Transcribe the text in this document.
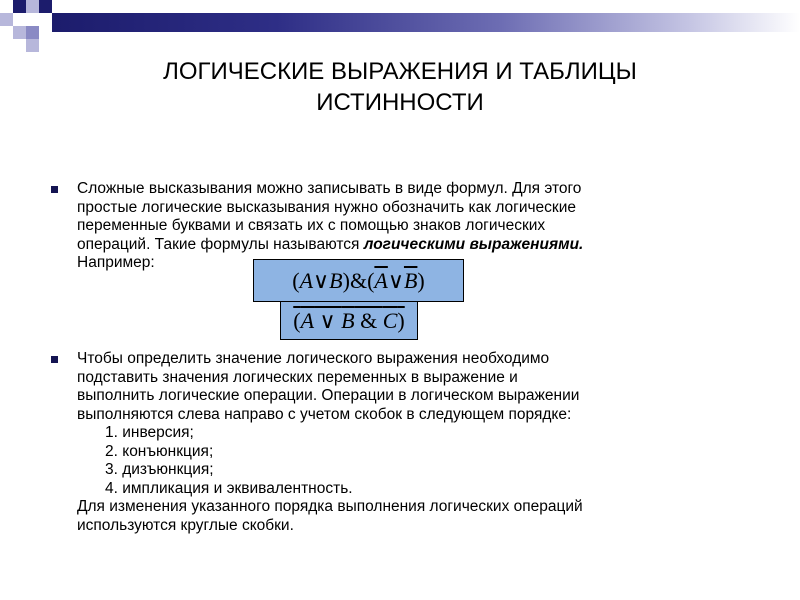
ЛОГИЧЕСКИЕ ВЫРАЖЕНИЯ И ТАБЛИЦЫ
ИСТИННОСТИ
Сложные высказывания можно записывать в виде формул. Для этого
простые логические высказывания нужно обозначить как логические
переменные буквами и связать их с помощью знаков логических
операций. Такие формулы называются логическими выражениями.
Например:
( A ∨ B ) & ( $\overline{A}$ ∨ $\overline{B}$ )
(A ∨ B & C)
Чтобы определить значение логического выражения необходимо
подставить значения логических переменных в выражение и
выполнить логические операции. Операции в логическом выражении
выполняются слева направо с учетом скобок в следующем порядке:
1. инверсия;
2. конъюнкция;
3. дизъюнкция;
4. импликация и эквивалентность.
Для изменения указанного порядка выполнения логических операций
используются круглые скобки.
